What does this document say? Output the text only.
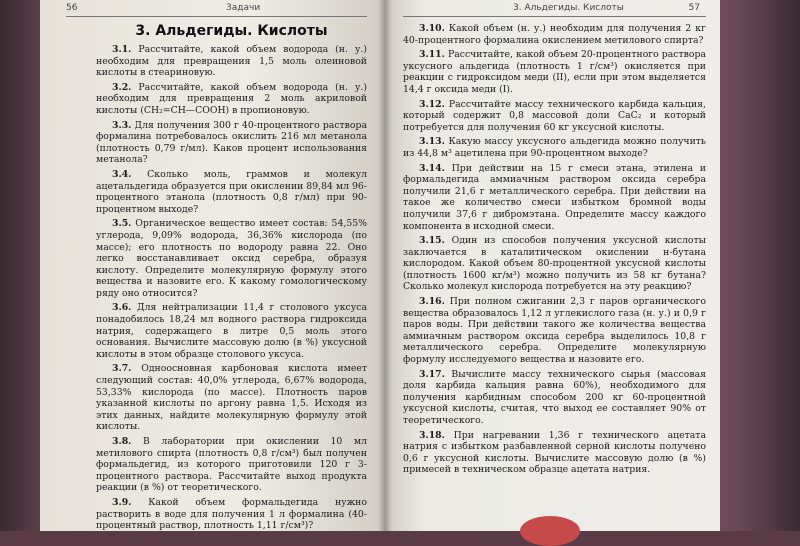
56	Задачи
3. Альдегиды. Кислоты

3.1. Рассчитайте, какой объем водорода (н. у.) необходим для превращения 1,5 моль олеиновой кислоты в стеариновую.

3.2. Рассчитайте, какой объем водорода (н. у.) необходим для превращения 2 моль акриловой кислоты (CH₂=CH—COOH) в пропионовую.

3.3. Для получения 300 г 40-процентного раствора формалина потребовалось окислить 216 мл метанола (плотность 0,79 г/мл). Каков процент использования метанола?

3.4. Сколько моль, граммов и молекул ацетальдегида образуется при окислении 89,84 мл 96-процентного этанола (плотность 0,8 г/мл) при 90-процентном выходе?

3.5. Органическое вещество имеет состав: 54,55% углерода, 9,09% водорода, 36,36% кислорода (по массе); его плотность по водороду равна 22. Оно легко восстанавливает оксид серебра, образуя кислоту. Определите молекулярную формулу этого вещества и назовите его. К какому гомологическому ряду оно относится?

3.6. Для нейтрализации 11,4 г столового уксуса понадобилось 18,24 мл водного раствора гидроксида натрия, содержащего в литре 0,5 моль этого основания. Вычислите массовую долю (в %) уксусной кислоты в этом образце столового уксуса.

3.7. Одноосновная карбоновая кислота имеет следующий состав: 40,0% углерода, 6,67% водорода, 53,33% кислорода (по массе). Плотность паров указанной кислоты по аргону равна 1,5. Исходя из этих данных, найдите молекулярную формулу этой кислоты.

3.8. В лаборатории при окислении 10 мл метилового спирта (плотность 0,8 г/см³) был получен формальдегид, из которого приготовили 120 г 3-процентного раствора. Рассчитайте выход продукта реакции (в %) от теоретического.

3.9. Какой объем формальдегида нужно растворить в воде для получения 1 л формалина (40-процентный раствор, плотность 1,11 г/см³)?

3. Альдегиды. Кислоты	57

3.10. Какой объем (н. у.) необходим для получения 2 кг 40-процентного формалина окислением метилового спирта?

3.11. Рассчитайте, какой объем 20-процентного раствора уксусного альдегида (плотность 1 г/см³) окисляется при реакции с гидроксидом меди (II), если при этом выделяется 14,4 г оксида меди (I).

3.12. Рассчитайте массу технического карбида кальция, который содержит 0,8 массовой доли CaC₂ и который потребуется для получения 60 кг уксусной кислоты.

3.13. Какую массу уксусного альдегида можно получить из 44,8 м³ ацетилена при 90-процентном выходе?

3.14. При действии на 15 г смеси этана, этилена и формальдегида аммиачным раствором оксида серебра получили 21,6 г металлического серебра. При действии на такое же количество смеси избытком бромной воды получили 37,6 г дибромэтана. Определите массу каждого компонента в исходной смеси.

3.15. Один из способов получения уксусной кислоты заключается в каталитическом окислении н-бутана кислородом. Какой объем 80-процентной уксусной кислоты (плотность 1600 кг/м³) можно получить из 58 кг бутана? Сколько молекул кислорода потребуется на эту реакцию?

3.16. При полном сжигании 2,3 г паров органического вещества образовалось 1,12 л углекислого газа (н. у.) и 0,9 г паров воды. При действии такого же количества вещества аммиачным раствором оксида серебра выделилось 10,8 г металлического серебра. Определите молекулярную формулу исследуемого вещества и назовите его.

3.17. Вычислите массу технического сырья (массовая доля карбида кальция равна 60%), необходимого для получения карбидным способом 200 кг 60-процентной уксусной кислоты, считая, что выход ее составляет 90% от теоретического.

3.18. При нагревании 1,36 г технического ацетата натрия с избытком разбавленной серной кислоты получено 0,6 г уксусной кислоты. Вычислите массовую долю (в %) примесей в техническом образце ацетата натрия.
